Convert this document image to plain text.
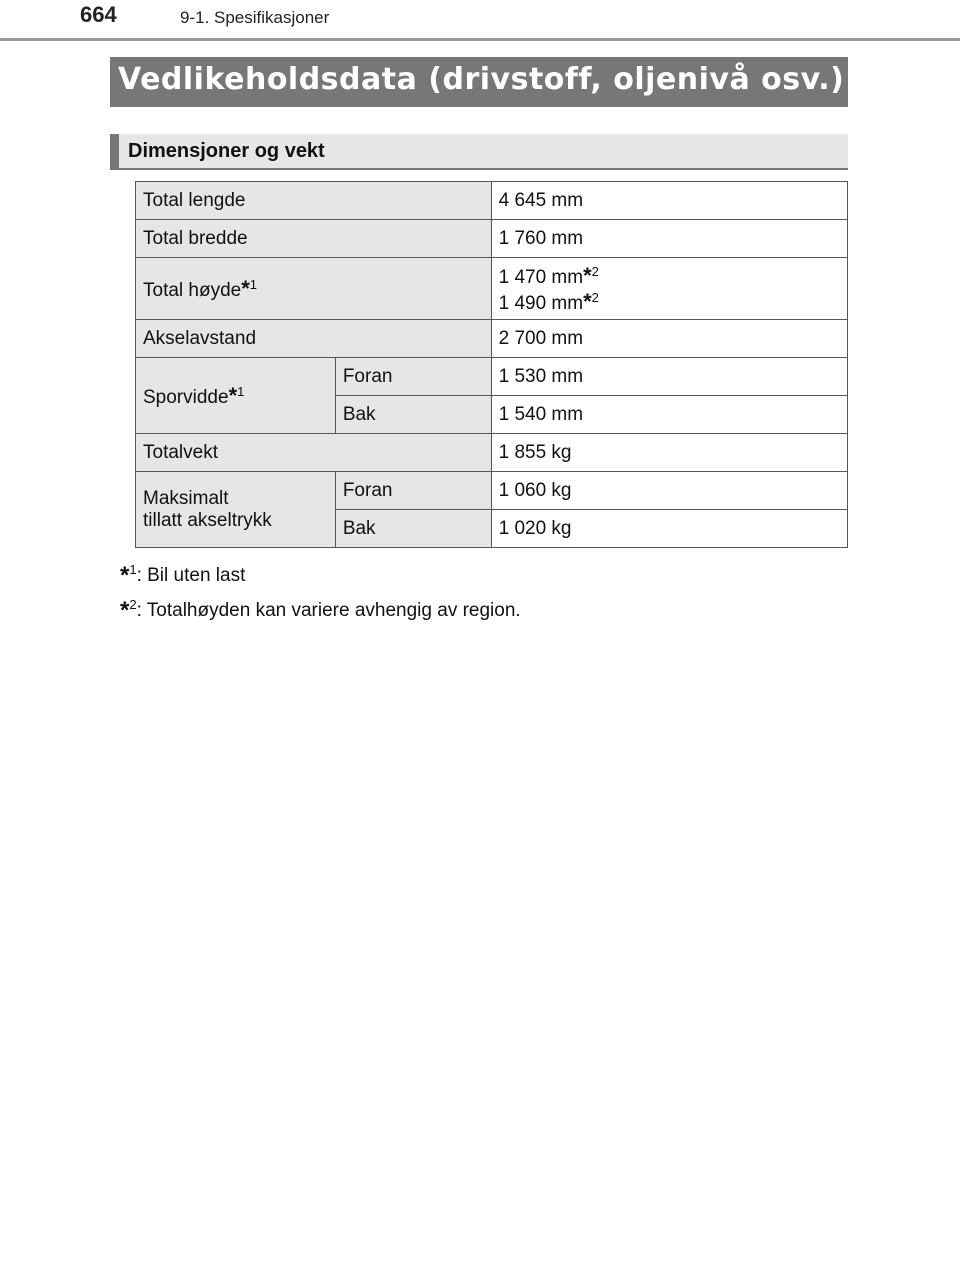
664	9-1. Spesifikasjoner
Vedlikeholdsdata (drivstoff, oljenivå osv.)
Dimensjoner og vekt
Total lengde		4 645 mm
Total bredde		1 760 mm
Total høyde*$^1$		1 470 mm*$^2$
1 490 mm*$^2$

Akselavstand		2 700 mm
Sporvidde*$^1$	Foran	1 530 mm
	Bak	1 540 mm
Totalvekt		1 855 kg

Maksimalt
tillatt akseltrykk	Foran	1 060 kg
	Bak	1 020 kg
*$^1$: Bil uten last
*$^2$: Totalhøyden kan variere avhengig av region.
